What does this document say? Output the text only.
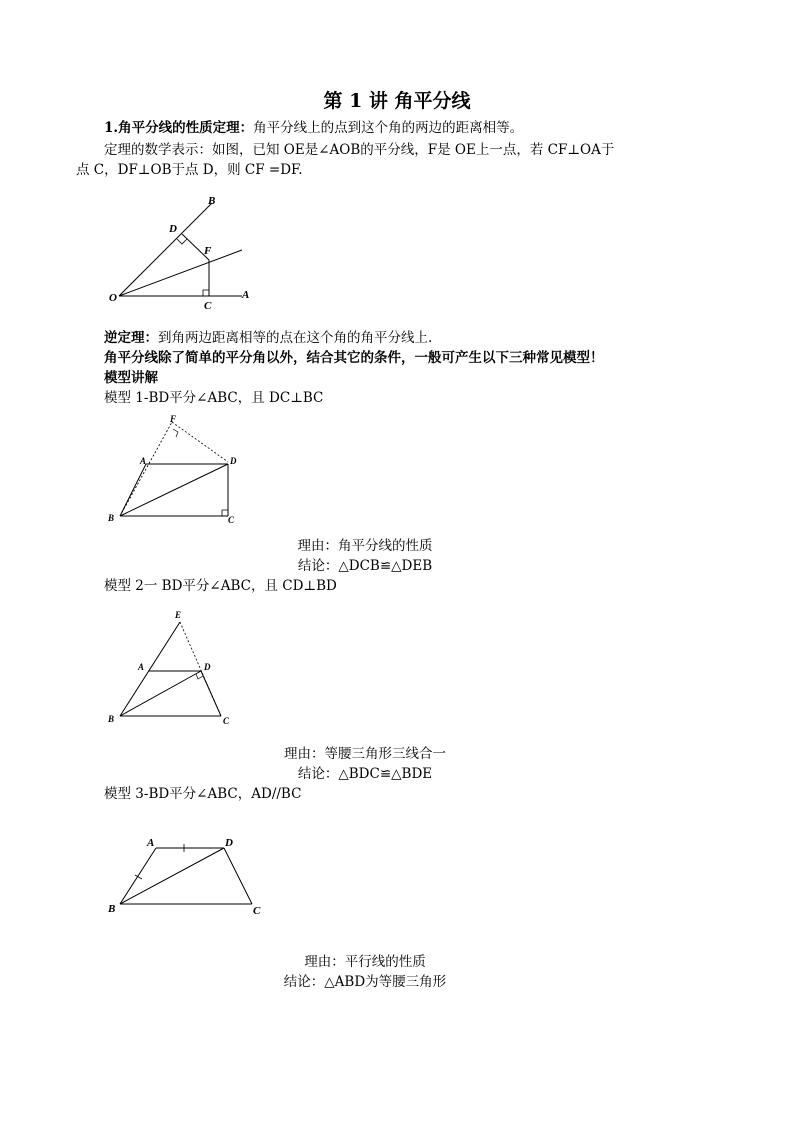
第 1 讲 角平分线
1.角平分线的性质定理：角平分线上的点到这个角的两边的距离相等。
定理的数学表示：如图，已知 OE是∠AOB的平分线，F是 OE上一点，若 CF⊥OA于
点 C，DF⊥OB于点 D，则 CF =DF.
B
D
F
O
C
A
逆定理：到角两边距离相等的点在这个角的角平分线上.
角平分线除了简单的平分角以外，结合其它的条件，一般可产生以下三种常见模型！
模型讲解
模型 1-BD平分∠ABC，且 DC⊥BC
F
A	D
B	C
理由：角平分线的性质
结论：△DCB≌△DEB
模型 2一 BD平分∠ABC，且 CD⊥BD
E
A	D
B	C
理由：等腰三角形三线合一
结论：△BDC≌△BDE
模型 3-BD平分∠ABC，AD//BC
A	D
B	C
理由：平行线的性质
结论：△ABD为等腰三角形
